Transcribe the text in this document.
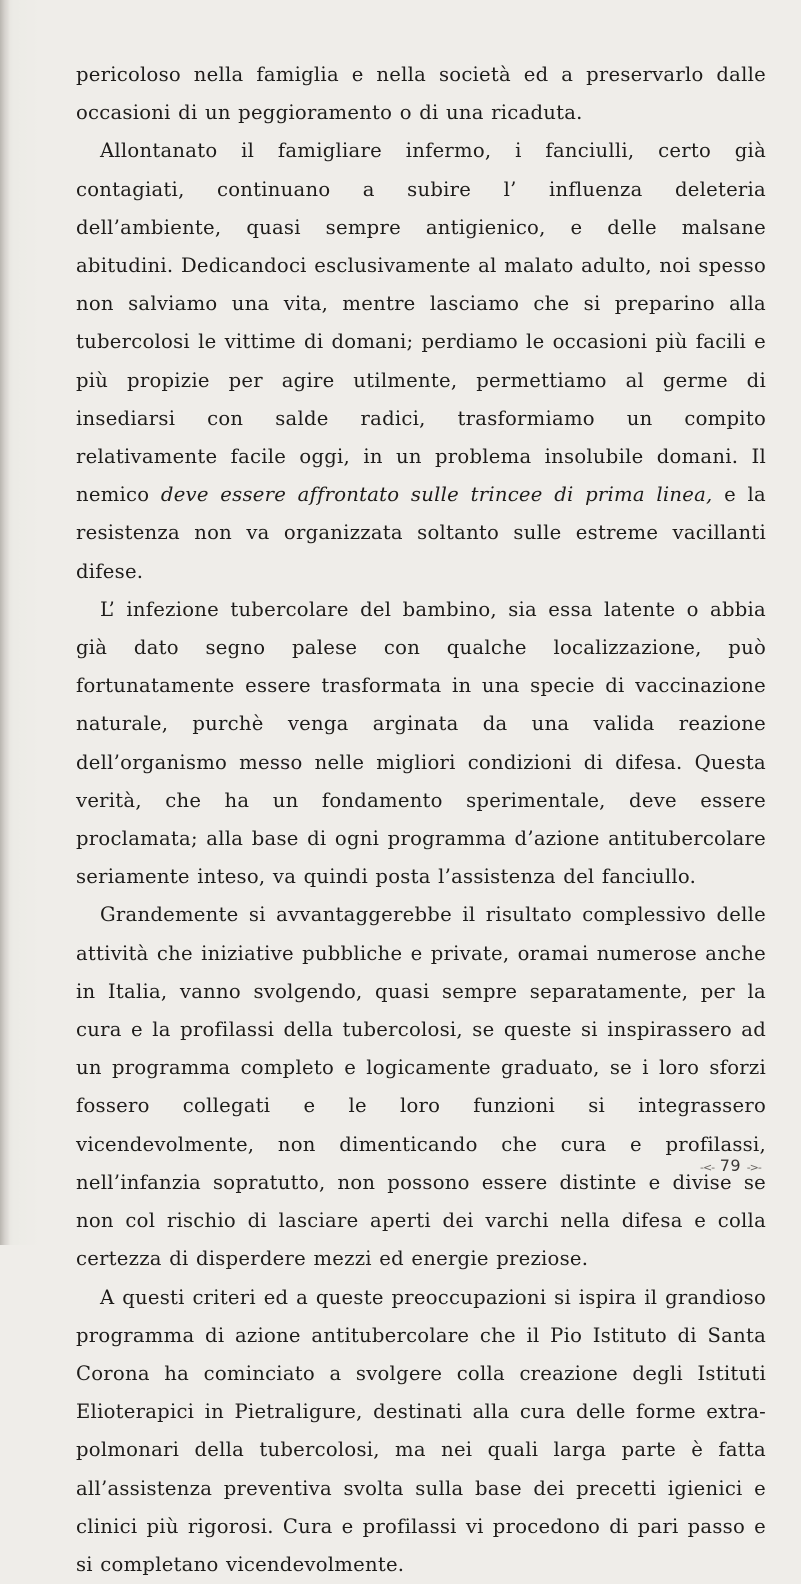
pericoloso nella famiglia e nella società ed a preservarlo dalle occasioni di un peggioramento o di una ricaduta.

Allontanato il famigliare infermo, i fanciulli, certo già contagiati, continuano a subire l’ influenza deleteria dell’ambiente, quasi sempre antigienico, e delle malsane abitudini. Dedicandoci esclusivamente al malato adulto, noi spesso non salviamo una vita, mentre lasciamo che si preparino alla tubercolosi le vittime di domani; perdiamo le occasioni più facili e più propizie per agire utilmente, permettiamo al germe di insediarsi con salde radici, trasformiamo un compito relativamente facile oggi, in un problema insolubile domani. Il nemico deve essere affrontato sulle trincee di prima linea, e la resistenza non va organizzata soltanto sulle estreme vacillanti difese.

L’ infezione tubercolare del bambino, sia essa latente o abbia già dato segno palese con qualche localizzazione, può fortunatamente essere trasformata in una specie di vaccinazione naturale, purchè venga arginata da una valida reazione dell’organismo messo nelle migliori condizioni di difesa. Questa verità, che ha un fondamento sperimentale, deve essere proclamata; alla base di ogni programma d’azione antitubercolare seriamente inteso, va quindi posta l’assistenza del fanciullo.

Grandemente si avvantaggerebbe il risultato complessivo delle attività che iniziative pubbliche e private, oramai numerose anche in Italia, vanno svolgendo, quasi sempre separatamente, per la cura e la profilassi della tubercolosi, se queste si inspirassero ad un programma completo e logicamente graduato, se i loro sforzi fossero collegati e le loro funzioni si integrassero vicendevolmente, non dimenticando che cura e profilassi, nell’infanzia sopratutto, non possono essere distinte e divise se non col rischio di lasciare aperti dei varchi nella difesa e colla certezza di disperdere mezzi ed energie preziose.

A questi criteri ed a queste preoccupazioni si ispira il grandioso programma di azione antitubercolare che il Pio Istituto di Santa Corona ha cominciato a svolgere colla creazione degli Istituti Elioterapici in Pietraligure, destinati alla cura delle forme extra-polmonari della tubercolosi, ma nei quali larga parte è fatta all’assistenza preventiva svolta sulla base dei precetti igienici e clinici più rigorosi. Cura e profilassi vi procedono di pari passo e si completano vicendevolmente.

-<- 79 ->-
